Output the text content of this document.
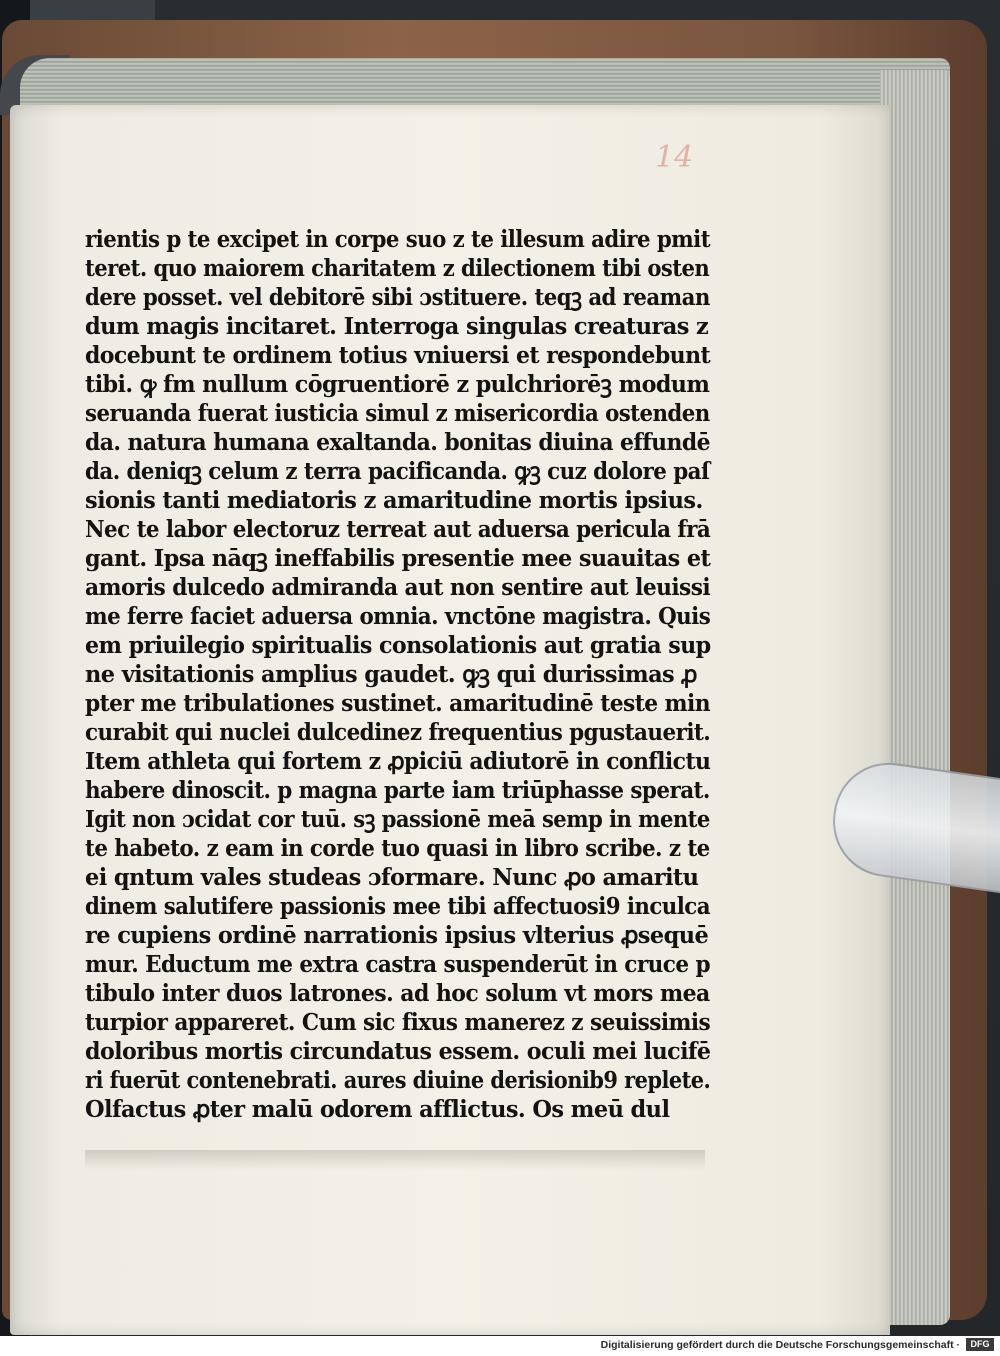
14
rientis p te excipet in corpe suo z te illesum adire pmit
teret. quo maiorem charitatem z dilectionem tibi osten
dere posset. vel debitorē sibi ɔstituere. teqꝫ ad reaman
dum magis incitaret. Interroga singulas creaturas z
docebunt te ordinem totius vniuersi et respondebunt
tibi. ꝙ fm nullum cōgruentiorē z pulchriorēꝫ modum
seruanda fuerat iusticia simul z misericordia ostenden
da. natura humana exaltanda. bonitas diuina effundē
da. deniqꝫ celum z terra pacificanda. ꝙꝫ cuz dolore paſ
sionis tanti mediatoris z amaritudine mortis ipsius.
Nec te labor electoruz terreat aut aduersa pericula frā
gant. Ipsa nāqꝫ ineffabilis presentie mee suauitas et
amoris dulcedo admiranda aut non sentire aut leuissi
me ferre faciet aduersa omnia. vnctōne magistra. Quis
em priuilegio spiritualis consolationis aut gratia sup
ne visitationis amplius gaudet. ꝙꝫ qui durissimas ꝓ
pter me tribulationes sustinet. amaritudinē teste min
curabit qui nuclei dulcedinez frequentius pgustauerit.
Item athleta qui fortem z ꝓpiciū adiutorē in conflictu
habere dinoscit. p magna parte iam triūphasse sperat.
Igit non ɔcidat cor tuū. sꝫ passionē meā semp in mente
te habeto. z eam in corde tuo quasi in libro scribe. z te
ei qntum vales studeas ɔformare. Nunc ꝓo amaritu
dinem salutifere passionis mee tibi affectuosi9 inculca
re cupiens ordinē narrationis ipsius vlterius ꝓsequē
mur. Eductum me extra castra suspenderūt in cruce p
tibulo inter duos latrones. ad hoc solum vt mors mea
turpior appareret. Cum sic fixus manerez z seuissimis
doloribus mortis circundatus essem. oculi mei lucifē
ri fuerūt contenebrati. aures diuine derisionib9 replete.
Olfactus ꝓter malū odorem afflictus. Os meū dul
Digitalisierung gefördert durch die Deutsche Forschungsgemeinschaft ·	DFG
